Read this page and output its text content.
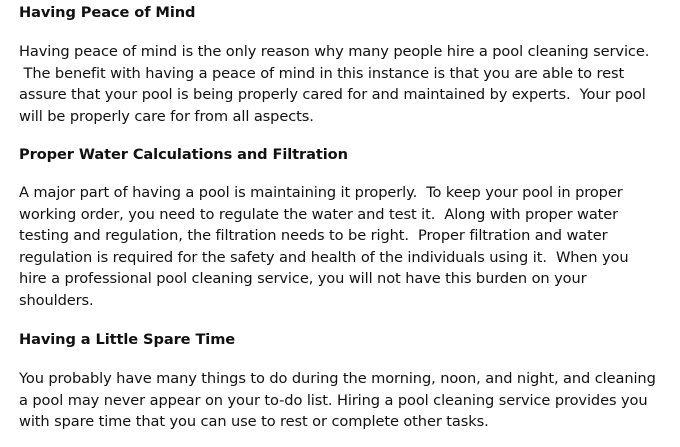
Having Peace of Mind

Having peace of mind is the only reason why many people hire a pool cleaning service.
The benefit with having a peace of mind in this instance is that you are able to rest
assure that your pool is being properly cared for and maintained by experts.  Your pool
will be properly care for from all aspects.

Proper Water Calculations and Filtration

A major part of having a pool is maintaining it properly.  To keep your pool in proper
working order, you need to regulate the water and test it.  Along with proper water
testing and regulation, the filtration needs to be right.  Proper filtration and water
regulation is required for the safety and health of the individuals using it.  When you
hire a professional pool cleaning service, you will not have this burden on your
shoulders.

Having a Little Spare Time

You probably have many things to do during the morning, noon, and night, and cleaning
a pool may never appear on your to-do list. Hiring a pool cleaning service provides you
with spare time that you can use to rest or complete other tasks.
